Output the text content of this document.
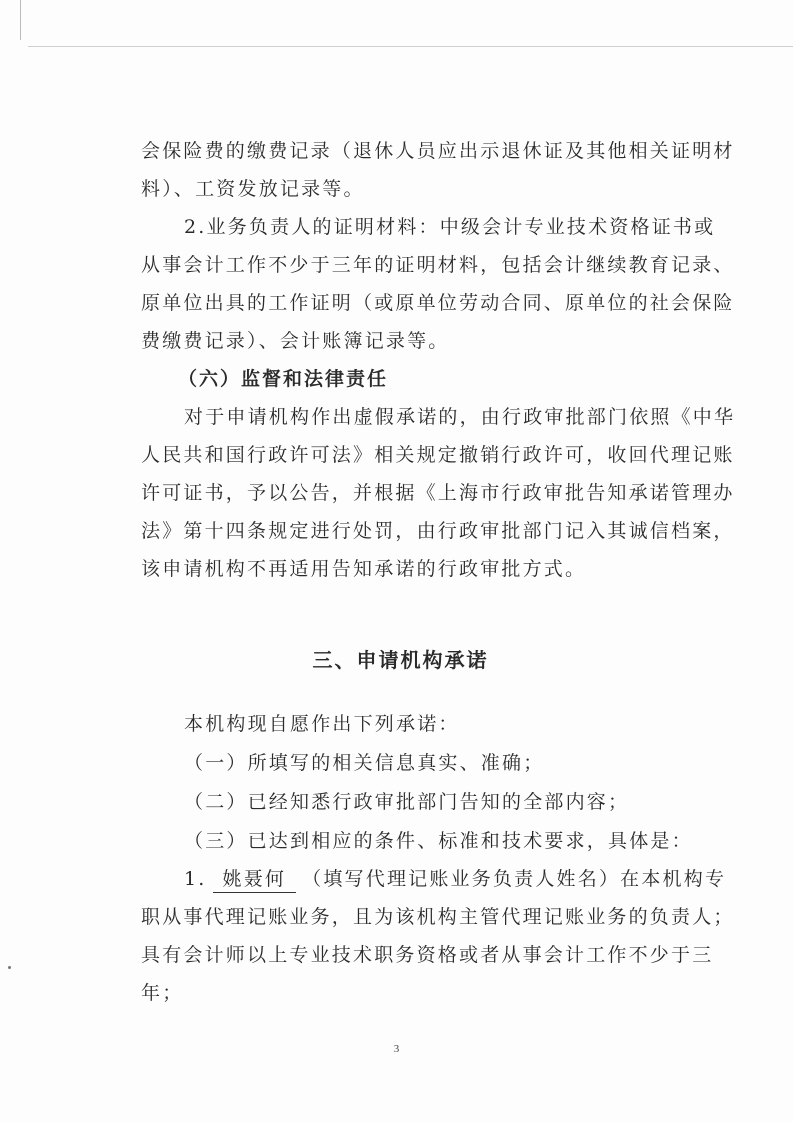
会保险费的缴费记录（退休人员应出示退休证及其他相关证明材
料）、工资发放记录等。
2.业务负责人的证明材料：中级会计专业技术资格证书或
从事会计工作不少于三年的证明材料，包括会计继续教育记录、
原单位出具的工作证明（或原单位劳动合同、原单位的社会保险
费缴费记录）、会计账簿记录等。
（六）监督和法律责任
对于申请机构作出虚假承诺的，由行政审批部门依照《中华
人民共和国行政许可法》相关规定撤销行政许可，收回代理记账
许可证书，予以公告，并根据《上海市行政审批告知承诺管理办
法》第十四条规定进行处罚，由行政审批部门记入其诚信档案，
该申请机构不再适用告知承诺的行政审批方式。
三、申请机构承诺
本机构现自愿作出下列承诺：
（一）所填写的相关信息真实、准确；
（二）已经知悉行政审批部门告知的全部内容；
（三）已达到相应的条件、标准和技术要求，具体是：
1. 姚聂何 （填写代理记账业务负责人姓名）在本机构专
职从事代理记账业务，且为该机构主管代理记账业务的负责人；
具有会计师以上专业技术职务资格或者从事会计工作不少于三
年；
3
